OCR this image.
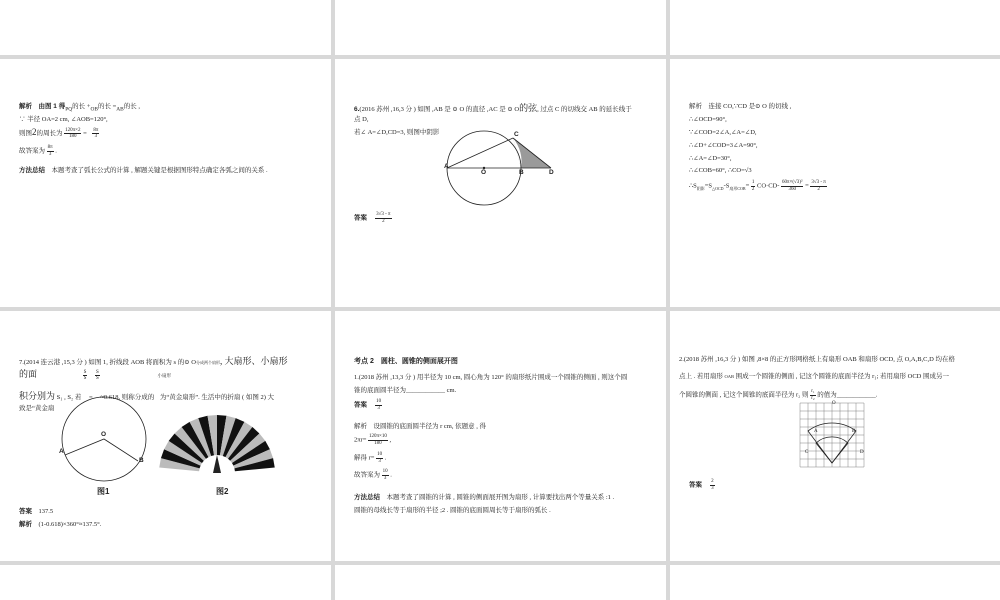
解析　由图 1 得$_{PQ}$的长 $+_{OB}$的长 $=_{AB}$的长 ,
∵ 半径 OA=2 cm, ∠AOB=120°,
则图2的周长为 $\frac{120\pi\times 2}{180} = \frac{8\pi}{3}$
故答案为 $\frac{8\pi}{3}$ .
方法总结　 本题考查了弧长公式的计算 , 解题关键是根据图形特点确定各弧之间的关系 .
6.(2016 苏州 ,16,3 分 ) 如图 ,AB 是 ⊙ O 的直径 ,AC 是 ⊙ O的弦, 过点 C 的切线交 AB 的延长线于
点 D,
若∠ A=∠D,CD=3, 则图中阴影
A
O	B	D
C
答案　 $\frac{3√3 - \pi}{2}$
解析　连接 CO,∵CD 是⊙ O 的切线 ,
∴∠OCD=90°,
∵∠COD=2∠A,∠A=∠D,
∴∠D+∠COD=3∠A=90°,
∴∠A=∠D=30°,
∴∠COB=60°, ∴CO=√3
$\therefore S_{阴影}=S_{\triangle OCD}-S_{扇形COB}= \frac{1}{2} CO\cdot CD- \frac{\text{60π×(√3)²}}{360} = \frac{3√3 - \pi}{2}$
7.(2014 连云港 ,15,3 分 ) 如图 1, 折线段 AOB 将面积为 s 的⊙ O分成两个扇形, 大扇形、小扇形
的面	$\frac{S}{S}$
$\frac{S}{S}$	小扇形
积分别为 S₁ , S₂ 若 = ≈0.618, 则称分成的 为“黄金扇形”. 生活中的折扇 ( 如图 2) 大
致是“黄金扇
O
A
B
图1	图2
答案　 137.5
解析　 (1-0.618)×360°≈137.5°.
考点 2　圆柱、圆锥的侧面展开图
1.(2018 苏州 ,13,3 分 ) 用半径为 10 cm, 圆心角为 120° 的扇形纸片围成一个圆锥的侧面 , 则这个圆
锥的底面圆半径为____________ cm.
答案　 $\frac{10}{3}$
解析　设圆锥的底面圆半径为 r cm, 依题意 , 得
$2\pi r= \frac{120\pi\times 10}{180}$ ,
解得 $r= \frac{10}{3}$ .
故答案为 $\frac{10}{3}$ .
方法总结　 本题考查了圆锥的计算 , 圆锥的侧面展开图为扇形 , 计算要找出两个等量关系 :1 .
圆锥的母线长等于扇形的半径 ;2 . 圆锥的底面圆周长等于扇形的弧长 .
2.(2018 苏州 ,16,3 分 ) 如图 ,8×8 的正方形网格纸上有扇形 OAB 和扇形 OCD, 点 O,A,B,C,D 均在格
点上 . 若用扇形 OAB 围成一个圆锥的侧面 , 记这个圆锥的底面半径为 r₁; 若用扇形 OCD 围成另一
个圆锥的侧面 , 记这个圆锥的底面半径为 r₂ 则 $\frac{\text{r₁}}{\text{r₂}}$ 的值为____________.
O
A	B
C	D
答案　 $\frac{2}{3}$
